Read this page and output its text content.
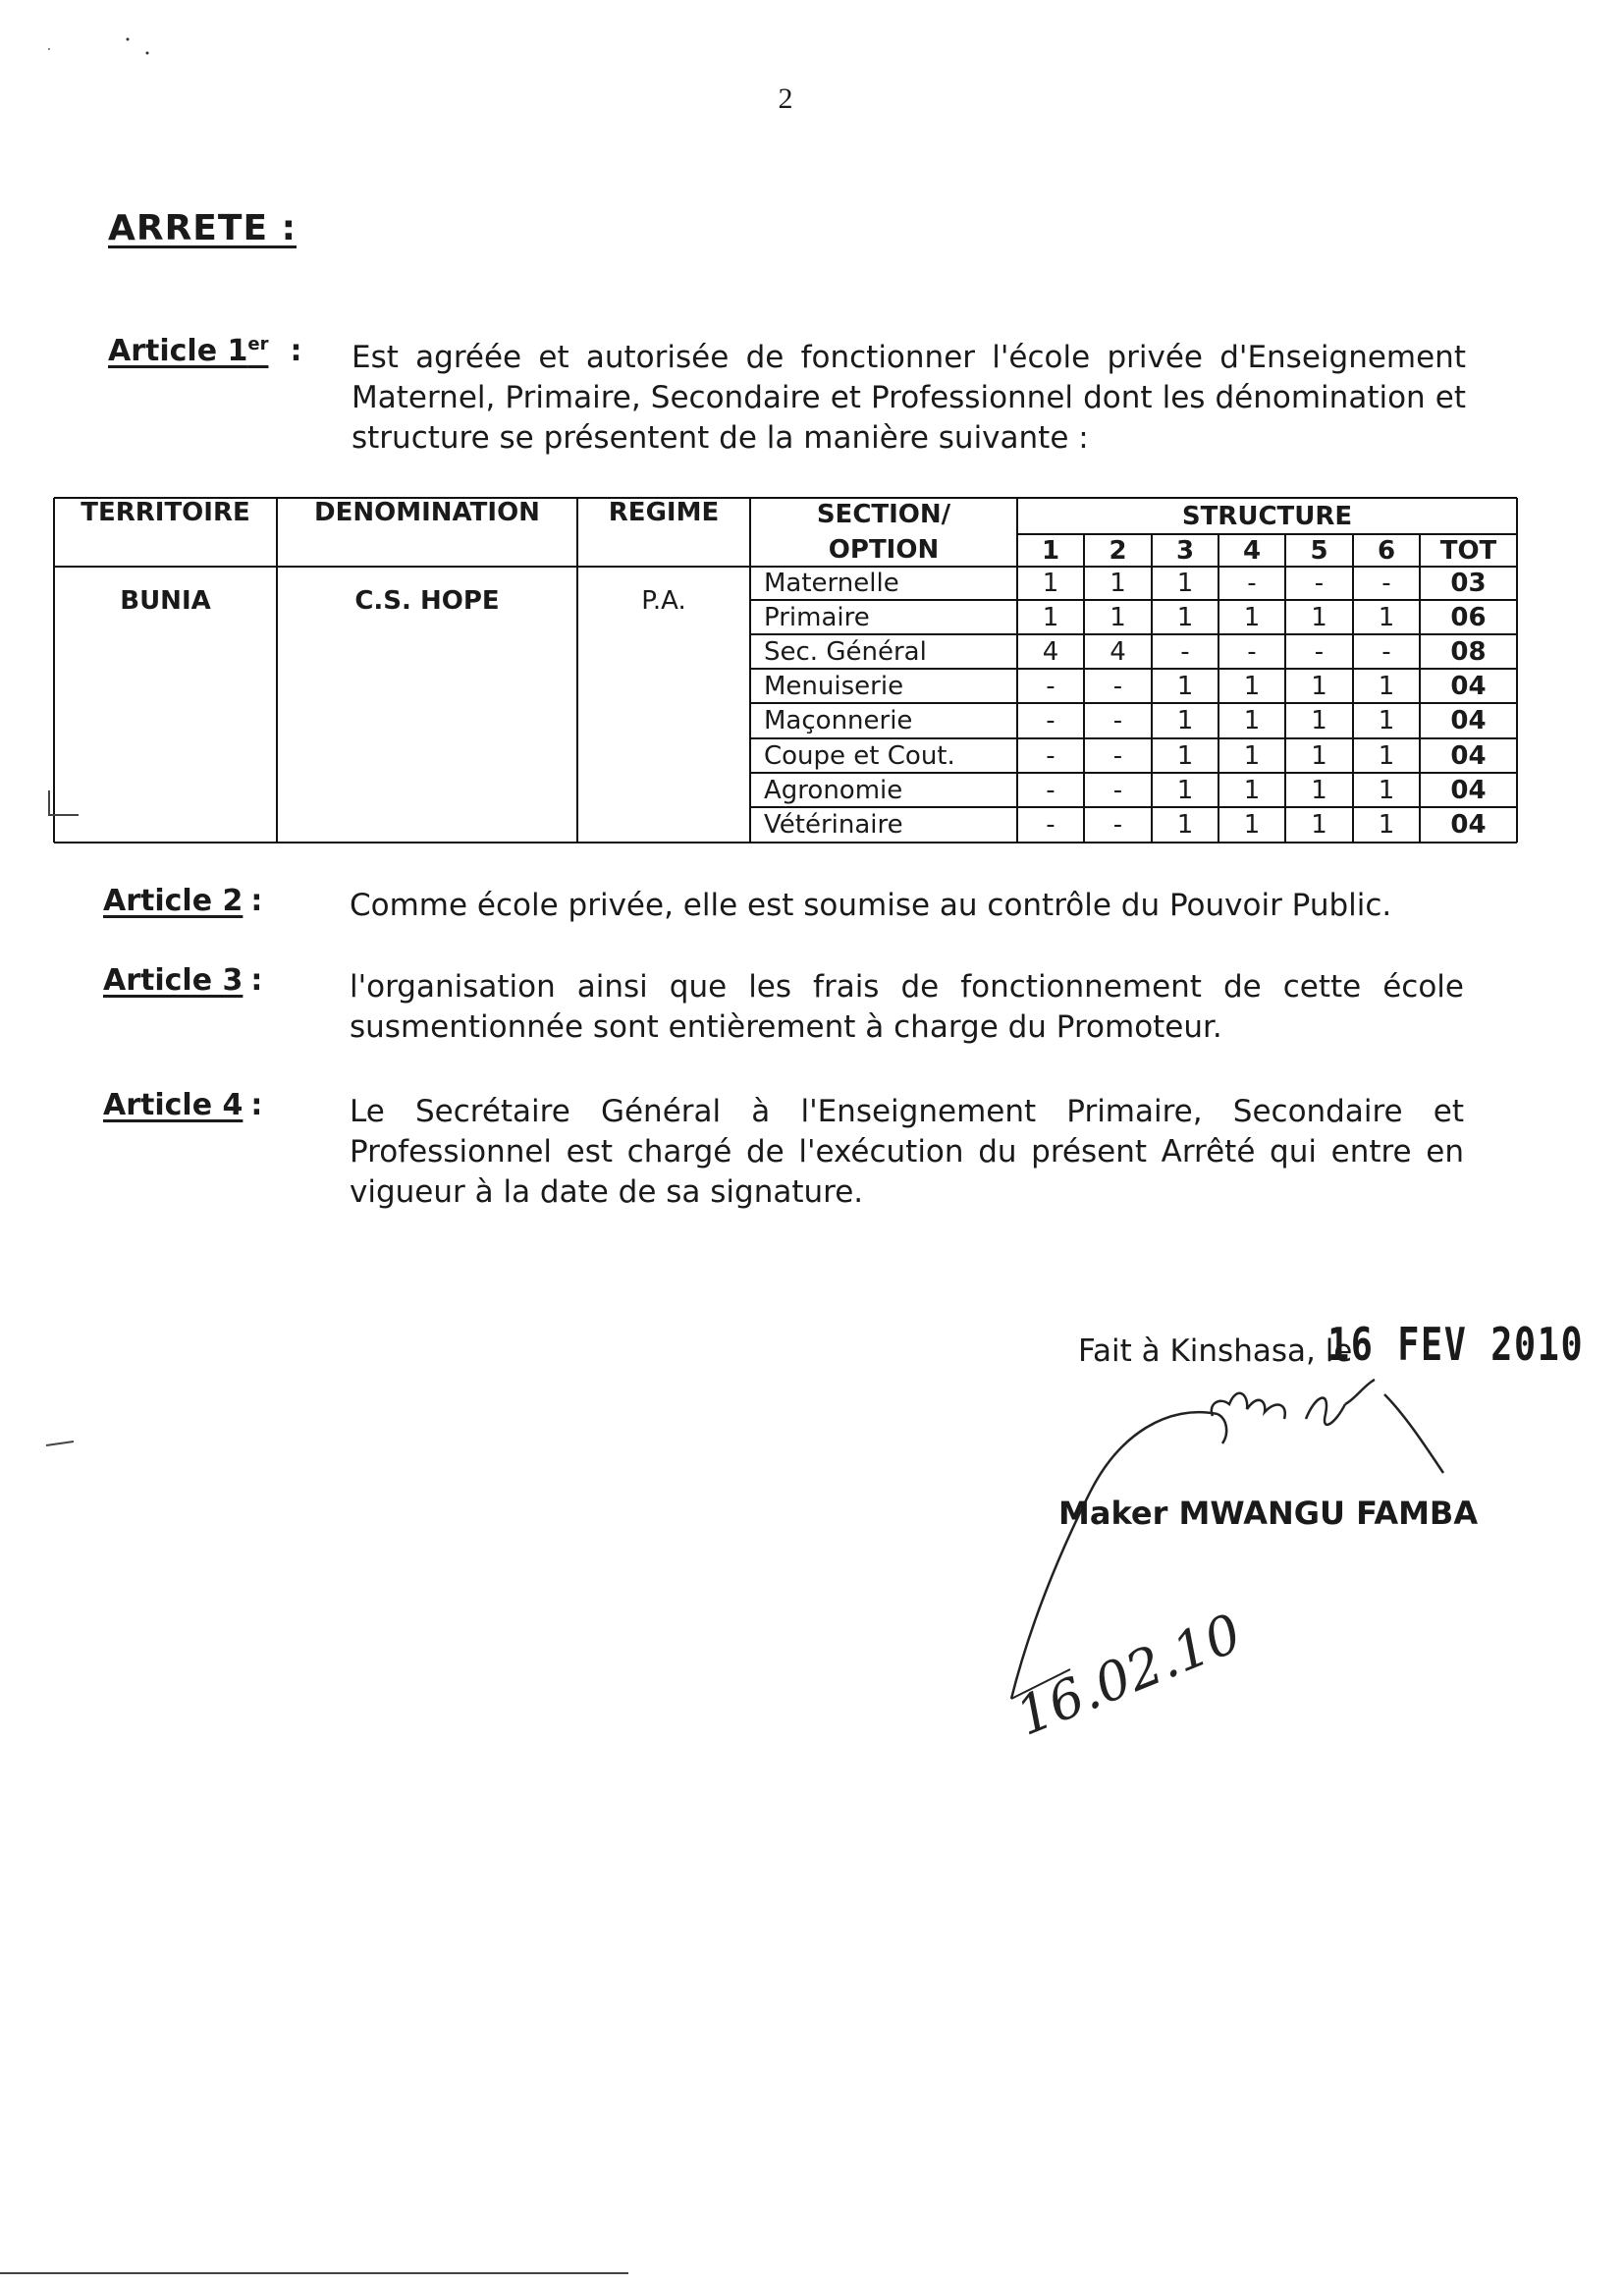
2
ARRETE :
Article 1er : Est agréée et autorisée de fonctionner l'école privée d'Enseignement Maternel, Primaire, Secondaire et Professionnel dont les dénomination et structure se présentent de la manière suivante :
TERRITOIRE	DENOMINATION	REGIME	SECTION/
OPTION
STRUCTURE
1	2	3	4	5	6	TOT
BUNIA	C.S. HOPE	P.A.
Maternelle	1	1	1	-	-	-	03
Primaire	1	1	1	1	1	1	06
Sec. Général	4	4	-	-	-	-	08
Menuiserie	-	-	1	1	1	1	04
Maçonnerie	-	-	1	1	1	1	04
Coupe et Cout.	-	-	1	1	1	1	04
Agronomie	-	-	1	1	1	1	04
Vétérinaire	-	-	1	1	1	1	04
Article 2 :	Comme école privée, elle est soumise au contrôle du Pouvoir Public.
Article 3 :	l'organisation ainsi que les frais de fonctionnement de cette école susmentionnée sont entièrement à charge du Promoteur.
Article 4 :	Le Secrétaire Général à l'Enseignement Primaire, Secondaire et Professionnel est chargé de l'exécution du présent Arrêté qui entre en vigueur à la date de sa signature.
Fait à Kinshasa, le
16 FEV 2010
Maker MWANGU FAMBA
16.02.10
